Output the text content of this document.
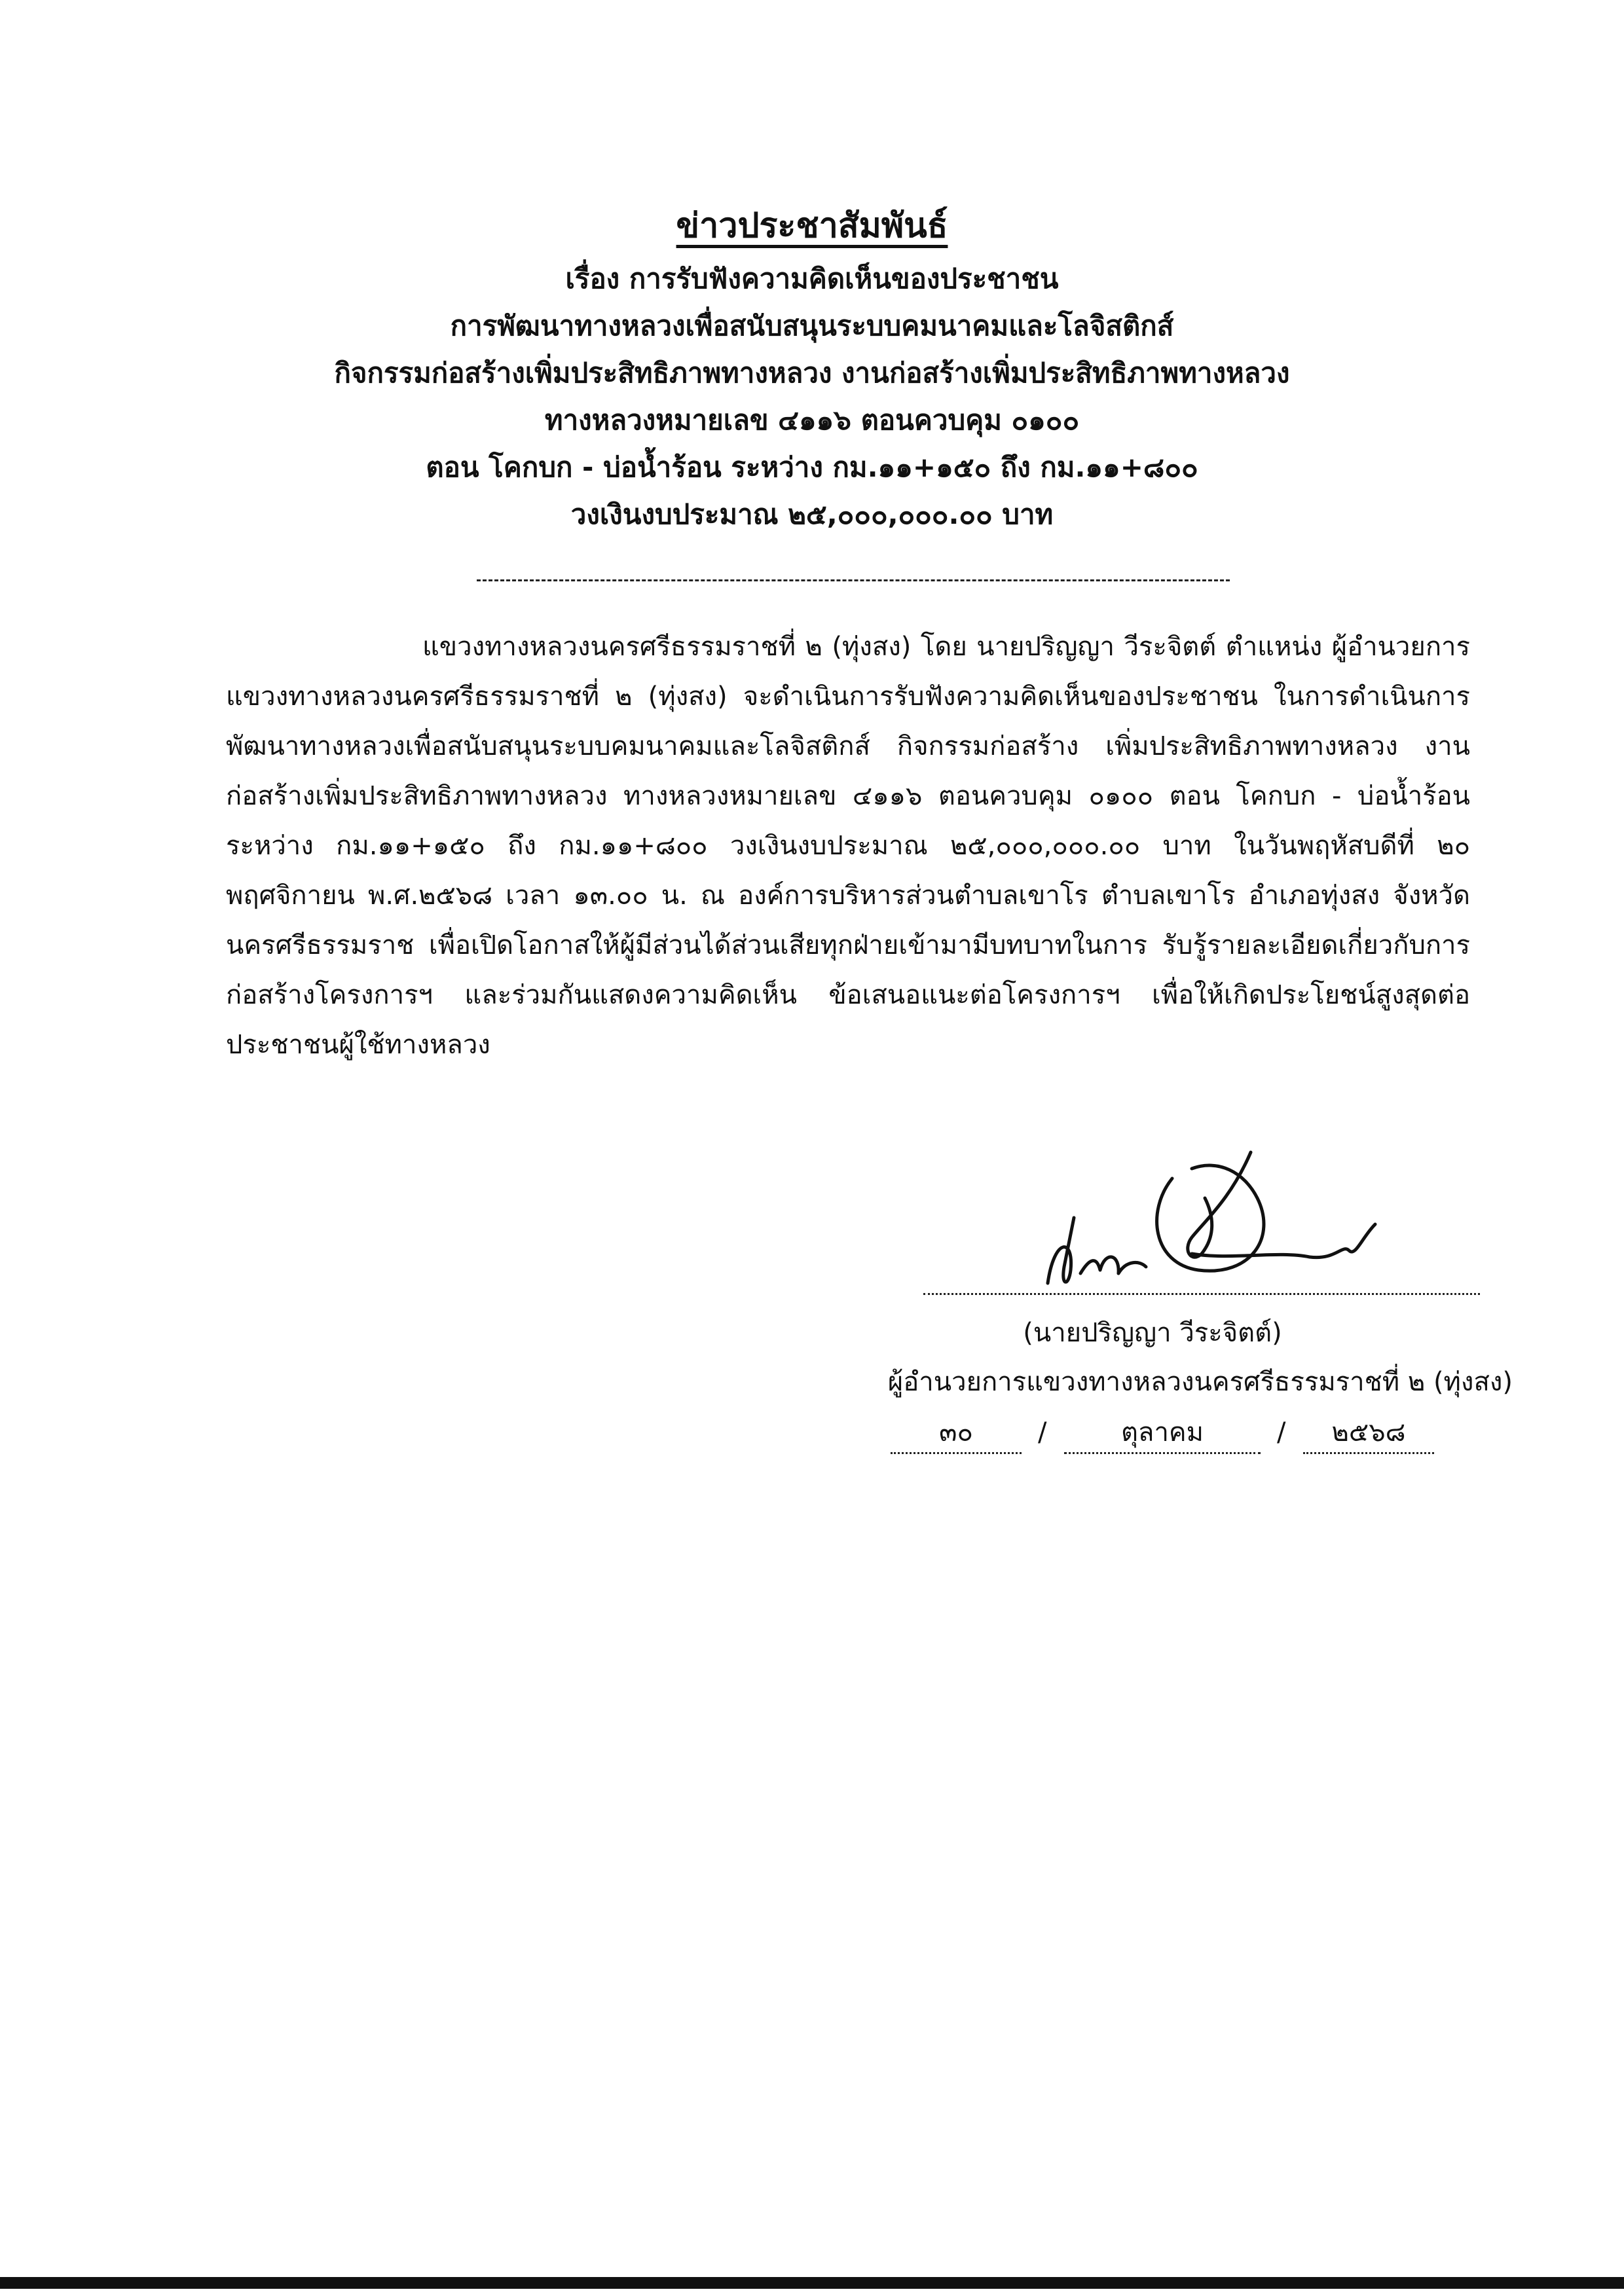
ข่าวประชาสัมพันธ์

เรื่อง การรับฟังความคิดเห็นของประชาชน

การพัฒนาทางหลวงเพื่อสนับสนุนระบบคมนาคมและโลจิสติกส์

กิจกรรมก่อสร้างเพิ่มประสิทธิภาพทางหลวง งานก่อสร้างเพิ่มประสิทธิภาพทางหลวง

ทางหลวงหมายเลข ๔๑๑๖ ตอนควบคุม ๐๑๐๐

ตอน โคกบก - บ่อน้ำร้อน ระหว่าง กม.๑๑+๑๕๐ ถึง กม.๑๑+๘๐๐

วงเงินงบประมาณ ๒๕,๐๐๐,๐๐๐.๐๐ บาท

แขวงทางหลวงนครศรีธรรมราชที่ ๒ (ทุ่งสง) โดย นายปริญญา วีระจิตต์ ตำแหน่ง ผู้อำนวยการแขวงทางหลวงนครศรีธรรมราชที่ ๒ (ทุ่งสง) จะดำเนินการรับฟังความคิดเห็นของประชาชน ในการดำเนินการพัฒนาทางหลวงเพื่อสนับสนุนระบบคมนาคมและโลจิสติกส์ กิจกรรมก่อสร้าง เพิ่มประสิทธิภาพทางหลวง งานก่อสร้างเพิ่มประสิทธิภาพทางหลวง ทางหลวงหมายเลข ๔๑๑๖ ตอนควบคุม ๐๑๐๐ ตอน โคกบก - บ่อน้ำร้อน ระหว่าง กม.๑๑+๑๕๐ ถึง กม.๑๑+๘๐๐ วงเงินงบประมาณ ๒๕,๐๐๐,๐๐๐.๐๐ บาท ในวันพฤหัสบดีที่ ๒๐ พฤศจิกายน พ.ศ.๒๕๖๘ เวลา ๑๓.๐๐ น. ณ องค์การบริหารส่วนตำบลเขาโร ตำบลเขาโร อำเภอทุ่งสง จังหวัดนครศรีธรรมราช เพื่อเปิดโอกาสให้ผู้มีส่วนได้ส่วนเสียทุกฝ่ายเข้ามามีบทบาทในการ รับรู้รายละเอียดเกี่ยวกับการก่อสร้างโครงการฯ และร่วมกันแสดงความคิดเห็น ข้อเสนอแนะต่อโครงการฯ เพื่อให้เกิดประโยชน์สูงสุดต่อประชาชนผู้ใช้ทางหลวง

(นายปริญญา วีระจิตต์)

ผู้อำนวยการแขวงทางหลวงนครศรีธรรมราชที่ ๒ (ทุ่งสง)

๓๐	/	ตุลาคม	/	๒๕๖๘
